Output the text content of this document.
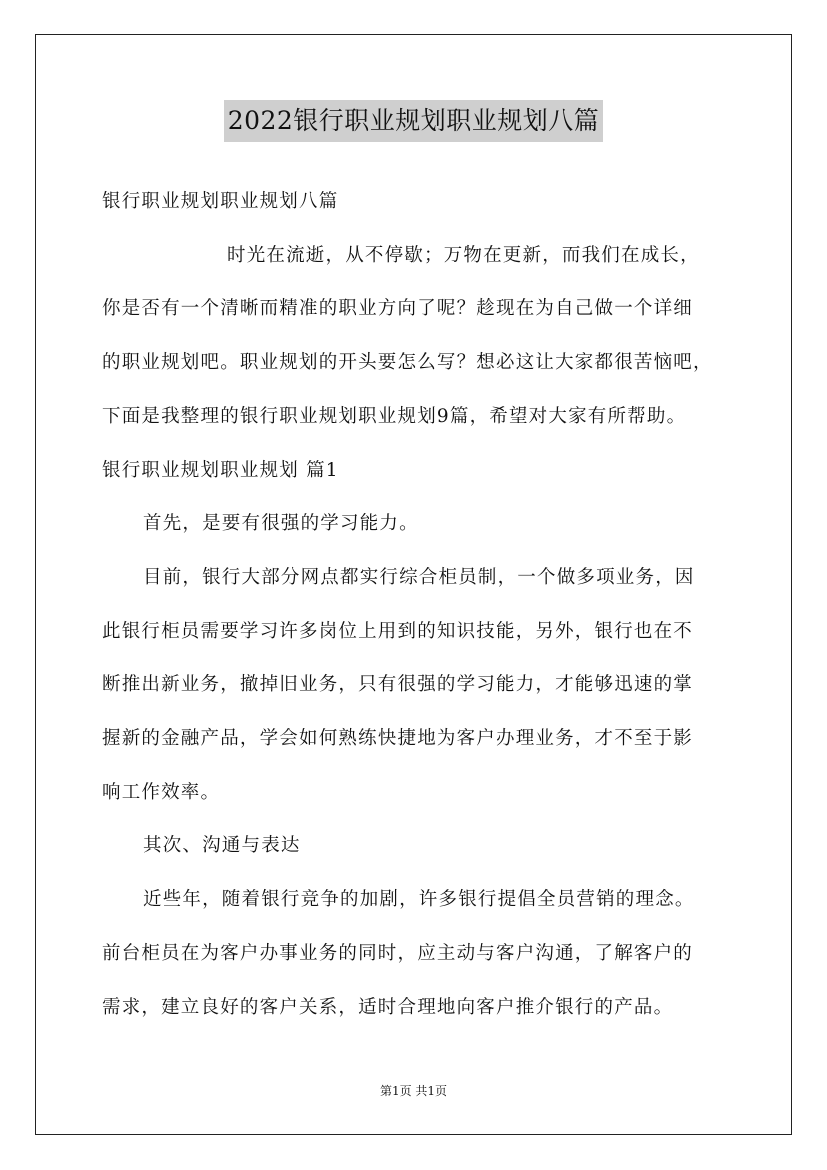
2022银行职业规划职业规划八篇

银行职业规划职业规划八篇

时光在流逝，从不停歇；万物在更新，而我们在成长，

你是否有一个清晰而精准的职业方向了呢？趁现在为自己做一个详细

的职业规划吧。职业规划的开头要怎么写？想必这让大家都很苦恼吧，

下面是我整理的银行职业规划职业规划9篇，希望对大家有所帮助。

银行职业规划职业规划 篇1

首先，是要有很强的学习能力。

目前，银行大部分网点都实行综合柜员制，一个做多项业务，因

此银行柜员需要学习许多岗位上用到的知识技能，另外，银行也在不

断推出新业务，撤掉旧业务，只有很强的学习能力，才能够迅速的掌

握新的金融产品，学会如何熟练快捷地为客户办理业务，才不至于影

响工作效率。

其次、沟通与表达

近些年，随着银行竞争的加剧，许多银行提倡全员营销的理念。

前台柜员在为客户办事业务的同时，应主动与客户沟通，了解客户的

需求，建立良好的客户关系，适时合理地向客户推介银行的产品。

第1页 共1页
